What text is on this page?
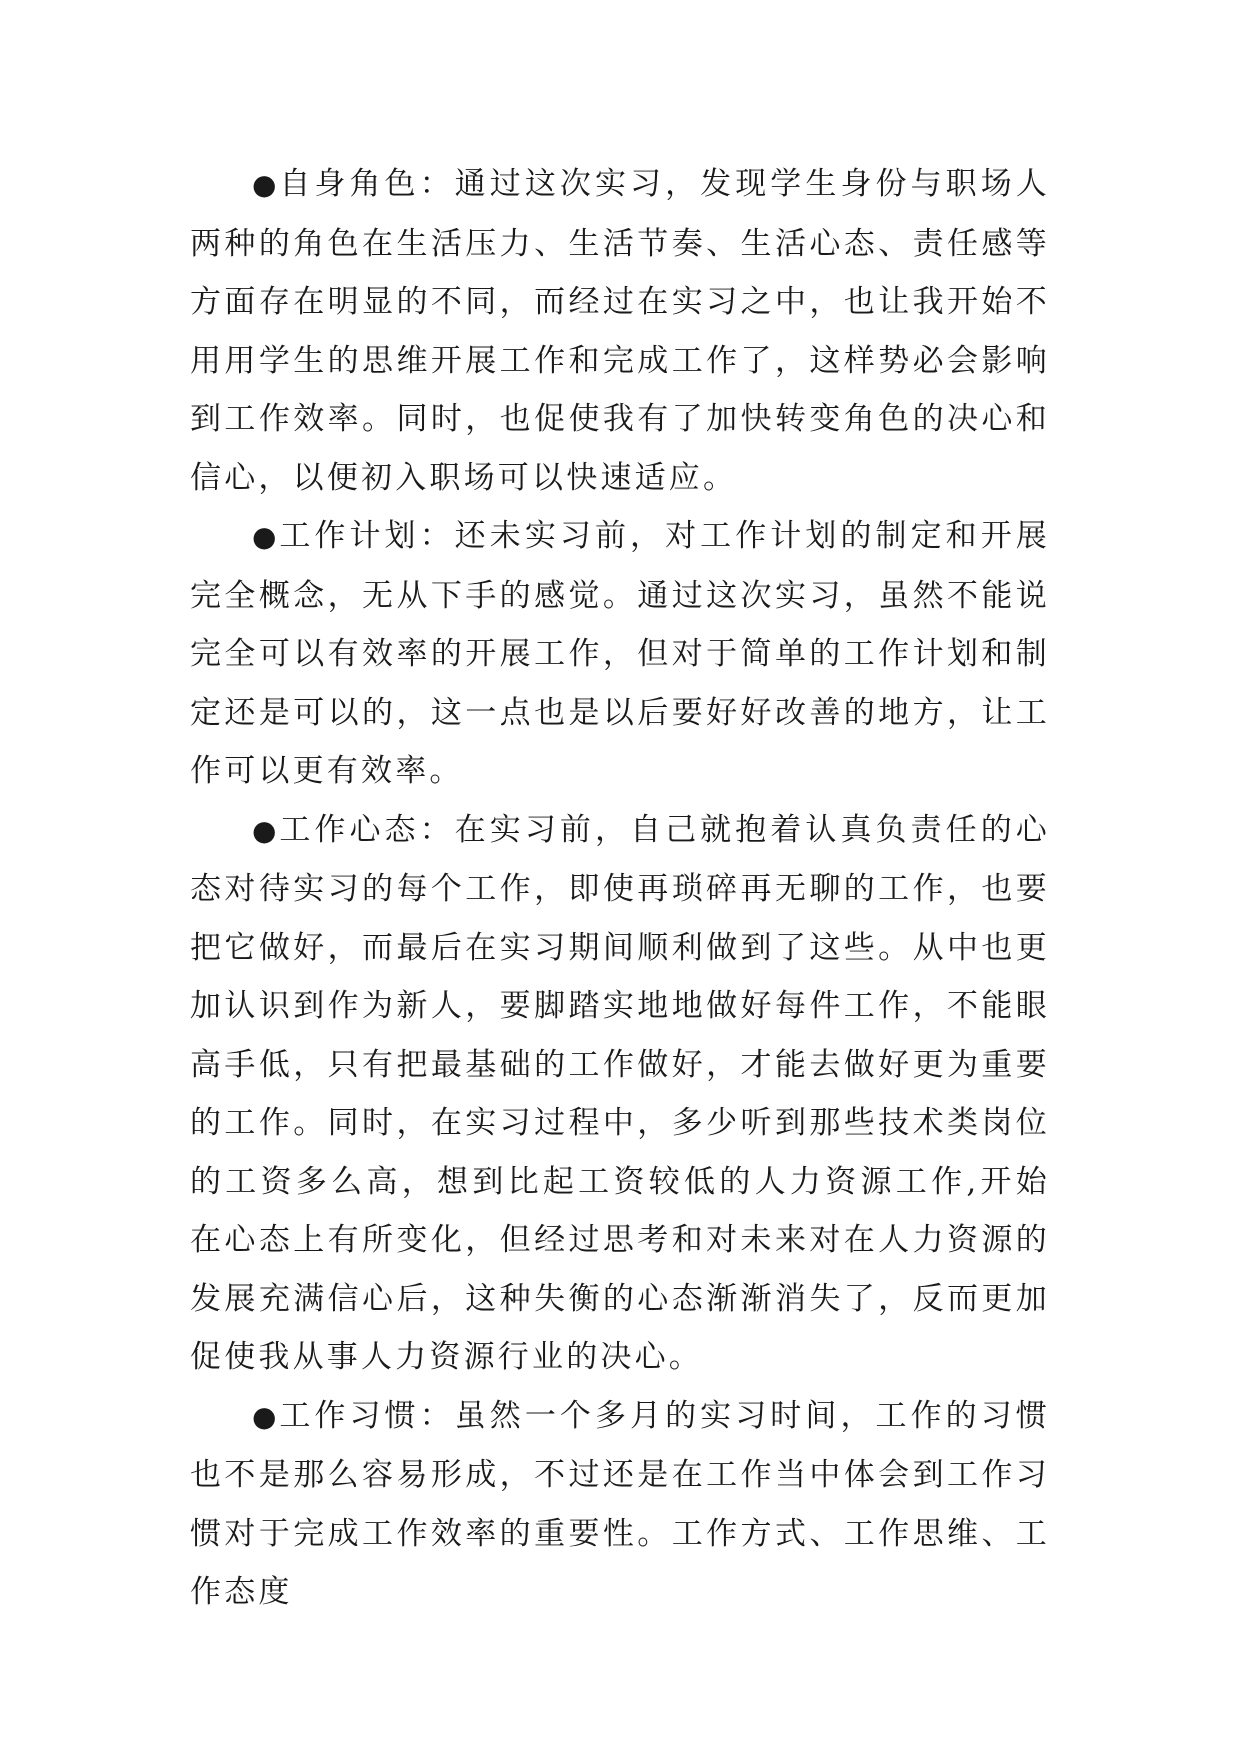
●自身角色：通过这次实习，发现学生身份与职场人两种的角色在生活压力、生活节奏、生活心态、责任感等方面存在明显的不同，而经过在实习之中，也让我开始不用用学生的思维开展工作和完成工作了，这样势必会影响到工作效率。同时，也促使我有了加快转变角色的决心和信心，以便初入职场可以快速适应。

●工作计划：还未实习前，对工作计划的制定和开展完全概念，无从下手的感觉。通过这次实习，虽然不能说完全可以有效率的开展工作，但对于简单的工作计划和制定还是可以的，这一点也是以后要好好改善的地方，让工作可以更有效率。

●工作心态：在实习前，自己就抱着认真负责任的心态对待实习的每个工作，即使再琐碎再无聊的工作，也要把它做好，而最后在实习期间顺利做到了这些。从中也更加认识到作为新人，要脚踏实地地做好每件工作，不能眼高手低，只有把最基础的工作做好，才能去做好更为重要的工作。同时，在实习过程中，多少听到那些技术类岗位的工资多么高，想到比起工资较低的人力资源工作,开始在心态上有所变化，但经过思考和对未来对在人力资源的发展充满信心后，这种失衡的心态渐渐消失了，反而更加促使我从事人力资源行业的决心。

●工作习惯：虽然一个多月的实习时间，工作的习惯也不是那么容易形成，不过还是在工作当中体会到工作习惯对于完成工作效率的重要性。工作方式、工作思维、工作态度
